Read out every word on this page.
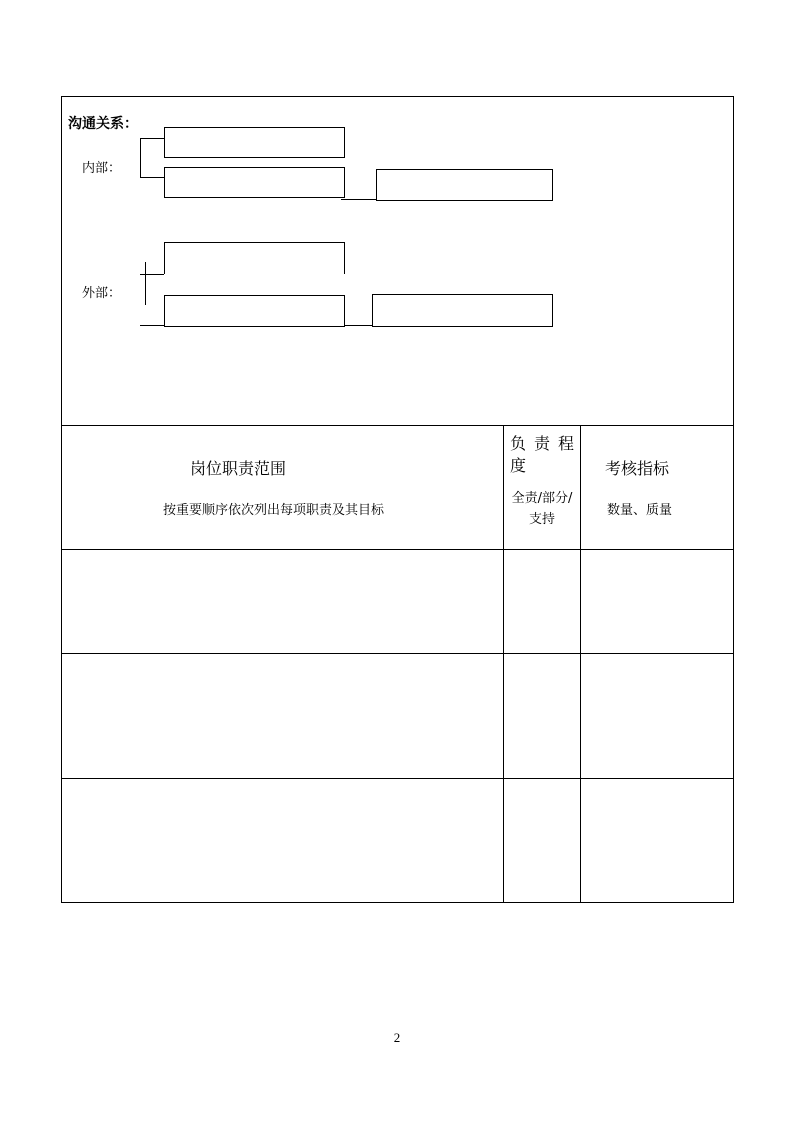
沟通关系：
内部：
外部：
岗位职责范围
按重要顺序依次列出每项职责及其目标
负 责 程 度
全责/部分/支持
考核指标
数量、质量
2
